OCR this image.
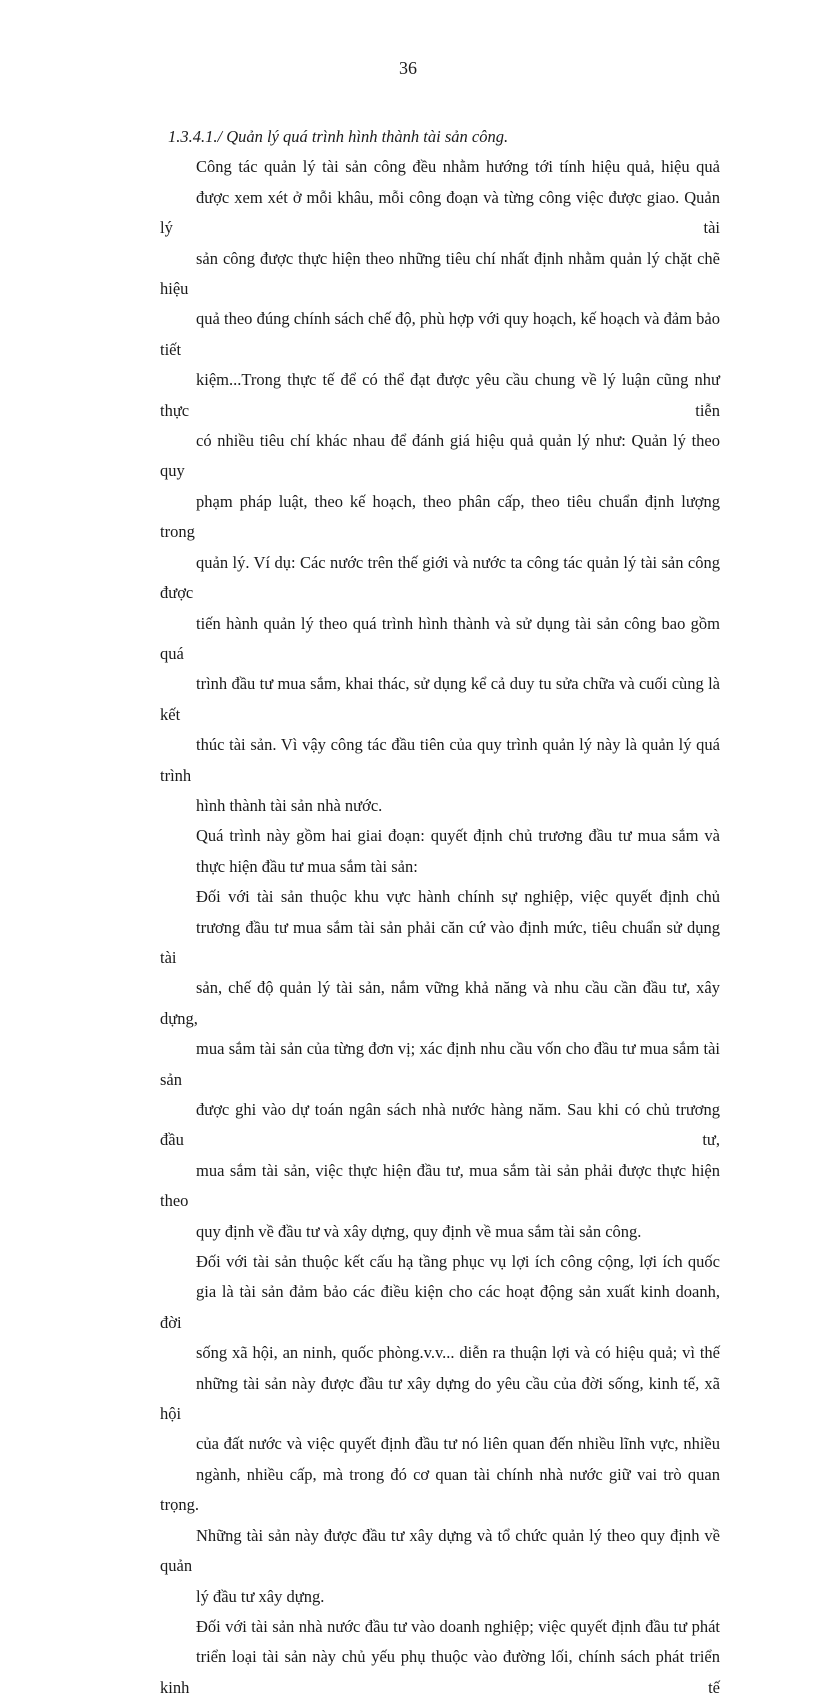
36

1.3.4.1./ Quản lý quá trình hình thành tài sản công.

Công tác quản lý tài sản công đều nhằm hướng tới tính hiệu quả, hiệu quả
được xem xét ở mỗi khâu, mỗi công đoạn và từng công việc được giao. Quản lý tài
sản công được thực hiện theo những tiêu chí nhất định nhằm quản lý chặt chẽ hiệu
quả theo đúng chính sách chế độ, phù hợp với quy hoạch, kế hoạch và đảm bảo tiết
kiệm...Trong thực tế để có thể đạt được yêu cầu chung về lý luận cũng như thực tiễn
có nhiều tiêu chí khác nhau để đánh giá hiệu quả quản lý như: Quản lý theo quy
phạm pháp luật, theo kế hoạch, theo phân cấp, theo tiêu chuẩn định lượng trong
quản lý. Ví dụ: Các nước trên thế giới và nước ta công tác quản lý tài sản công được
tiến hành quản lý theo quá trình hình thành và sử dụng tài sản công bao gồm quá
trình đầu tư mua sắm, khai thác, sử dụng kể cả duy tu sửa chữa và cuối cùng là kết
thúc tài sản. Vì vậy công tác đầu tiên của quy trình quản lý này là quản lý quá trình
hình thành tài sản nhà nước.

Quá trình này gồm hai giai đoạn: quyết định chủ trương đầu tư mua sắm và
thực hiện đầu tư mua sắm tài sản:

Đối với tài sản thuộc khu vực hành chính sự nghiệp, việc quyết định chủ
trương đầu tư mua sắm tài sản phải căn cứ vào định mức, tiêu chuẩn sử dụng tài
sản, chế độ quản lý tài sản, nắm vững khả năng và nhu cầu cần đầu tư, xây dựng,
mua sắm tài sản của từng đơn vị; xác định nhu cầu vốn cho đầu tư mua sắm tài sản
được ghi vào dự toán ngân sách nhà nước hàng năm. Sau khi có chủ trương đầu tư,
mua sắm tài sản, việc thực hiện đầu tư, mua sắm tài sản phải được thực hiện theo
quy định về đầu tư và xây dựng, quy định về mua sắm tài sản công.

Đối với tài sản thuộc kết cấu hạ tầng phục vụ lợi ích công cộng, lợi ích quốc
gia là tài sản đảm bảo các điều kiện cho các hoạt động sản xuất kinh doanh, đời
sống xã hội, an ninh, quốc phòng.v.v... diễn ra thuận lợi và có hiệu quả; vì thế
những tài sản này được đầu tư xây dựng do yêu cầu của đời sống, kinh tế, xã hội
của đất nước và việc quyết định đầu tư nó liên quan đến nhiều lĩnh vực, nhiều
ngành, nhiều cấp, mà trong đó cơ quan tài chính nhà nước giữ vai trò quan trọng.
Những tài sản này được đầu tư xây dựng và tổ chức quản lý theo quy định về quản
lý đầu tư xây dựng.

Đối với tài sản nhà nước đầu tư vào doanh nghiệp; việc quyết định đầu tư phát
triển loại tài sản này chủ yếu phụ thuộc vào đường lối, chính sách phát triển kinh tế
